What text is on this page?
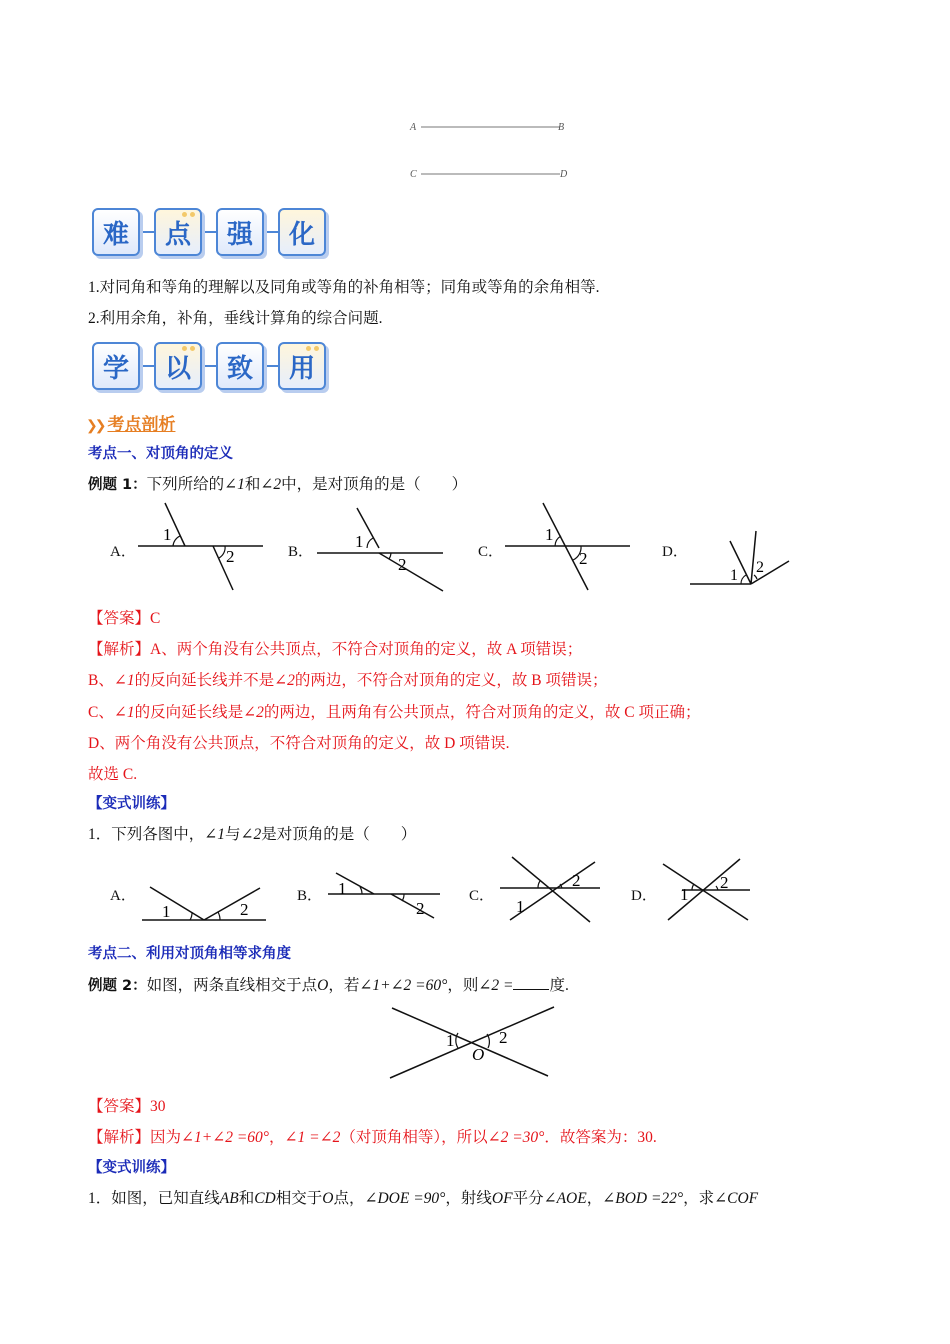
A	B
C	D
难 点 强 化
1.对同角和等角的理解以及同角或等角的补角相等；同角或等角的余角相等.
2.利用余角，补角，垂线计算角的综合问题.
学 以 致 用
❯❯ 考点剖析
考点一、对顶角的定义
例题 1：下列所给的∠1和∠2中，是对顶角的是（　　）
A．
1
2	B．
1
2
C．
1
2	D．
1 2
【答案】C
【解析】A、两个角没有公共顶点，不符合对顶角的定义，故 A 项错误；
B、∠1的反向延长线并不是∠2的两边，不符合对顶角的定义，故 B 项错误；
C、∠1的反向延长线是∠2的两边，且两角有公共顶点，符合对顶角的定义，故 C 项正确；
D、两个角没有公共顶点，不符合对顶角的定义，故 D 项错误.
故选 C.
【变式训练】
1．下列各图中，∠1与∠2是对顶角的是（　　）
A．
1	2
B． 1
2
C．
1
2
D． 1
2
考点二、利用对顶角相等求角度
例题 2：如图，两条直线相交于点O，若∠1+∠2 =60°，则∠2 = 度.
1	2
O
【答案】30
【解析】因为∠1+∠2 =60°，∠1 =∠2（对顶角相等），所以∠2 =30°．故答案为：30.
【变式训练】
1．如图，已知直线AB和CD相交于O点，∠DOE =90°，射线OF平分∠AOE，∠BOD =22°，求∠COF
